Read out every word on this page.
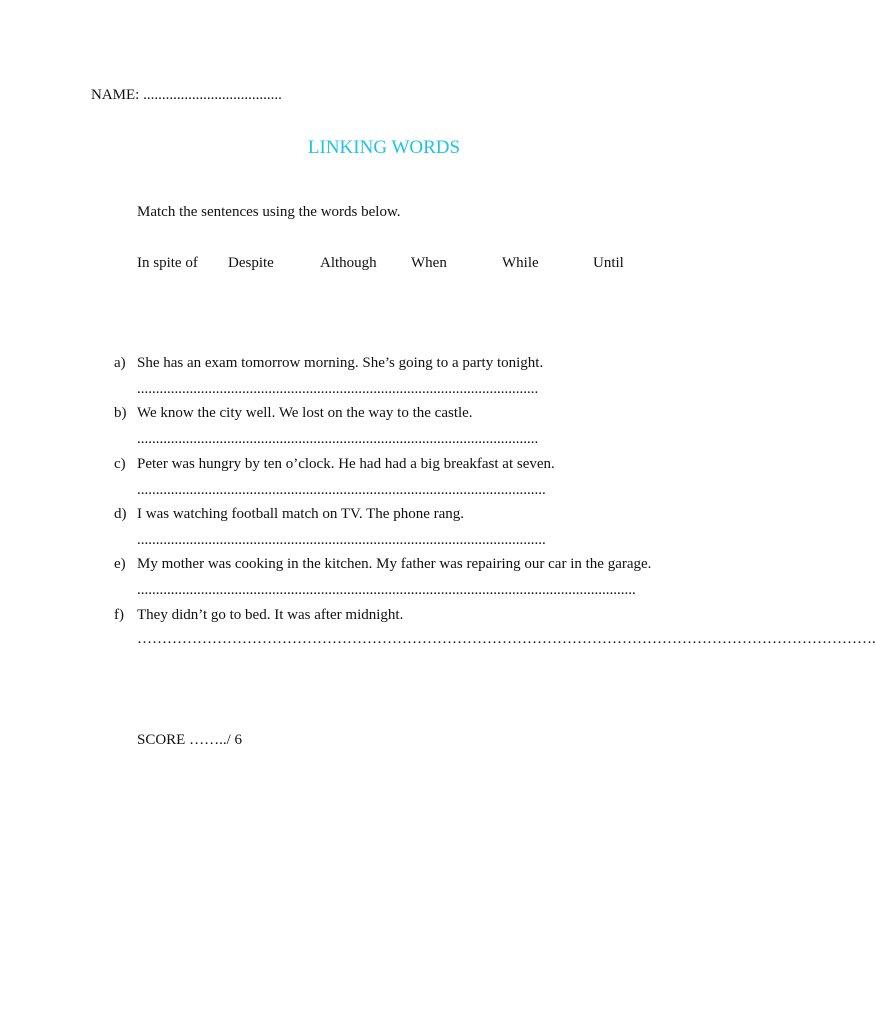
NAME: .....................................
LINKING WORDS
Match the sentences using the words below.
In spite of Despite	Although When	While	Until
a) She has an exam tomorrow morning. She’s going to a party tonight.
...........................................................................................................
b) We know the city well. We lost on the way to the castle.
...........................................................................................................
c) Peter was hungry by ten o’clock. He had had a big breakfast at seven.
.............................................................................................................
d) I was watching football match on TV. The phone rang.
.............................................................................................................
e) My mother was cooking in the kitchen. My father was repairing our car in the garage.
.....................................................................................................................................
f) They didn’t go to bed. It was after midnight.
………………………………………………………………………………………………………………………………….
SCORE ……../ 6
